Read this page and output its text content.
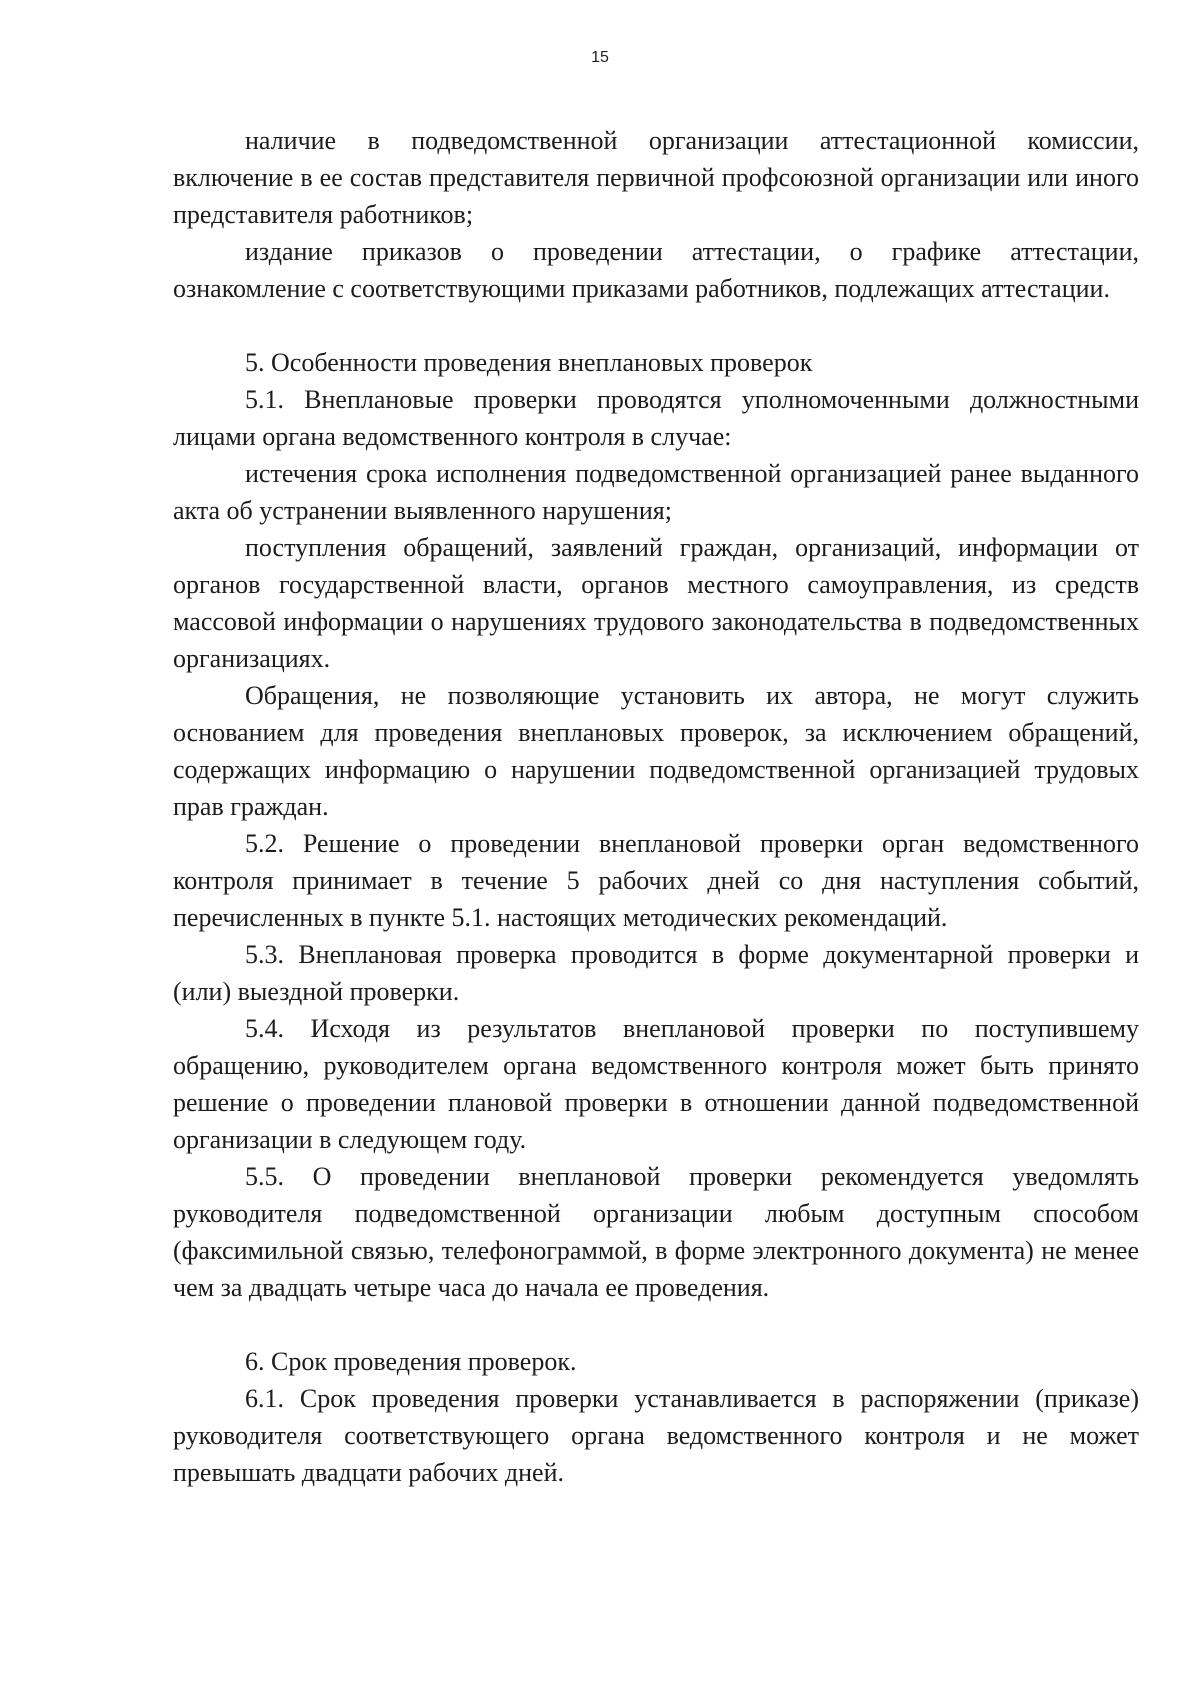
15

наличие в подведомственной организации аттестационной комиссии, включение в ее состав представителя первичной профсоюзной организации или иного представителя работников;

издание приказов о проведении аттестации, о графике аттестации, ознакомление с соответствующими приказами работников, подлежащих аттестации.

5. Особенности проведения внеплановых проверок

5.1. Внеплановые проверки проводятся уполномоченными должностными лицами органа ведомственного контроля в случае:

истечения срока исполнения подведомственной организацией ранее выданного акта об устранении выявленного нарушения;

поступления обращений, заявлений граждан, организаций, информации от органов государственной власти, органов местного самоуправления, из средств массовой информации о нарушениях трудового законодательства в подведомственных организациях.

Обращения, не позволяющие установить их автора, не могут служить основанием для проведения внеплановых проверок, за исключением обращений, содержащих информацию о нарушении подведомственной организацией трудовых прав граждан.

5.2. Решение о проведении внеплановой проверки орган ведомственного контроля принимает в течение 5 рабочих дней со дня наступления событий, перечисленных в пункте 5.1. настоящих методических рекомендаций.

5.3. Внеплановая проверка проводится в форме документарной проверки и (или) выездной проверки.

5.4. Исходя из результатов внеплановой проверки по поступившему обращению, руководителем органа ведомственного контроля может быть принято решение о проведении плановой проверки в отношении данной подведомственной организации в следующем году.

5.5. О проведении внеплановой проверки рекомендуется уведомлять руководителя подведомственной организации любым доступным способом (факсимильной связью, телефонограммой, в форме электронного документа) не менее чем за двадцать четыре часа до начала ее проведения.

6. Срок проведения проверок.

6.1. Срок проведения проверки устанавливается в распоряжении (приказе) руководителя соответствующего органа ведомственного контроля и не может превышать двадцати рабочих дней.
